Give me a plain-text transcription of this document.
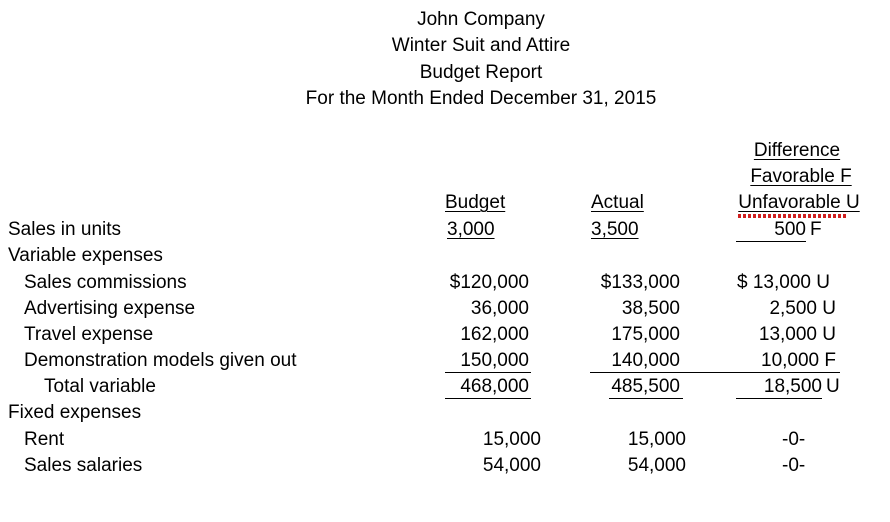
John Company
Winter Suit and Attire
Budget Report
For the Month Ended December 31, 2015
Difference
Favorable F
Unfavorable U
Budget	Actual
Sales in units	3,000	3,500	500 F
Variable expenses
Sales commissions	$120,000	$133,000	$ 13,000 U
Advertising expense	36,000	38,500	2,500 U
Travel expense	162,000	175,000	13,000 U
Demonstration models given out	150,000	140,000	10,000 F
Total variable	468,000	485,500	18,500 U
Fixed expenses
Rent	15,000	15,000	-0-
Sales salaries	54,000	54,000	-0-
